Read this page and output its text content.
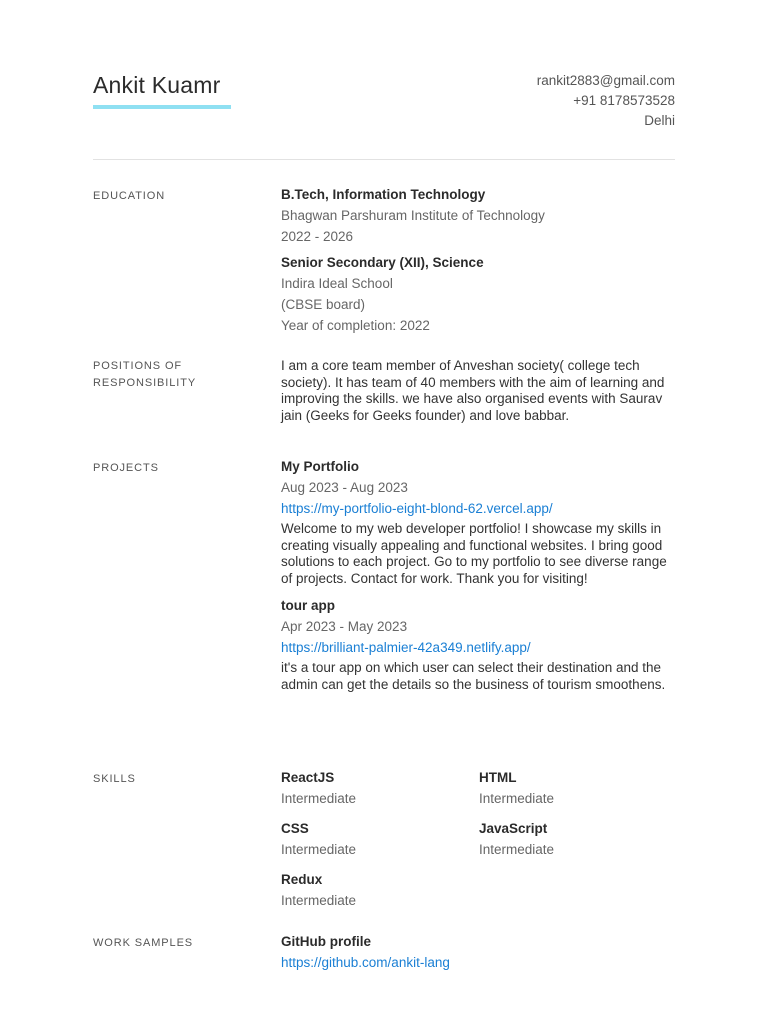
Ankit Kuamr	rankit2883@gmail.com
+91 8178573528
Delhi
EDUCATION	B.Tech, Information Technology
Bhagwan Parshuram Institute of Technology
2022 - 2026
Senior Secondary (XII), Science
Indira Ideal School
(CBSE board)
Year of completion: 2022
POSITIONS OF
RESPONSIBILITY
I am a core team member of Anveshan society( college tech society). It has team of 40 members with the aim of learning and improving the skills. we have also organised events with Saurav jain (Geeks for Geeks founder) and love babbar.
PROJECTS	My Portfolio
Aug 2023 - Aug 2023
https://my-portfolio-eight-blond-62.vercel.app/
Welcome to my web developer portfolio! I showcase my skills in creating visually appealing and functional websites. I bring good solutions to each project. Go to my portfolio to see diverse range of projects. Contact for work. Thank you for visiting!
tour app
Apr 2023 - May 2023
https://brilliant-palmier-42a349.netlify.app/
it's a tour app on which user can select their destination and the admin can get the details so the business of tourism smoothens.
SKILLS	ReactJS
Intermediate
HTML
Intermediate
CSS
Intermediate
JavaScript
Intermediate
Redux
Intermediate
WORK SAMPLES	GitHub profile
https://github.com/ankit-lang
